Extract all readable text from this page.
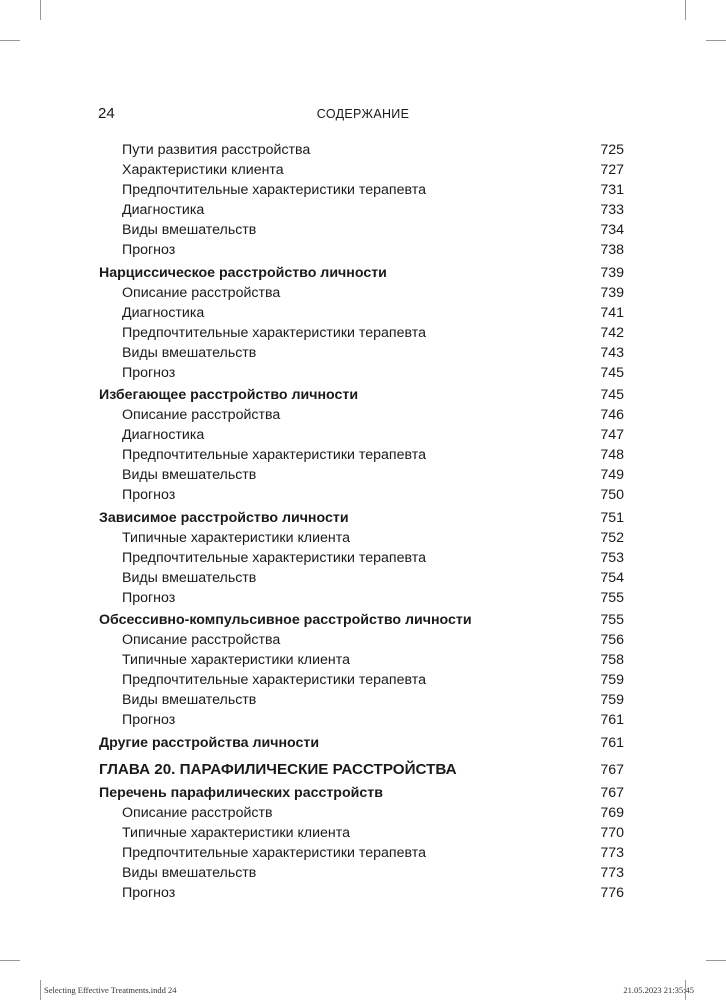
24	СОДЕРЖАНИЕ
Пути развития расстройства	725
Характеристики клиента	727
Предпочтительные характеристики терапевта	731
Диагностика	733
Виды вмешательств	734
Прогноз	738
Нарциссическое расстройство личности	739
Описание расстройства	739
Диагностика	741
Предпочтительные характеристики терапевта	742
Виды вмешательств	743
Прогноз	745
Избегающее расстройство личности	745
Описание расстройства	746
Диагностика	747
Предпочтительные характеристики терапевта	748
Виды вмешательств	749
Прогноз	750
Зависимое расстройство личности	751
Типичные характеристики клиента	752
Предпочтительные характеристики терапевта	753
Виды вмешательств	754
Прогноз	755
Обсессивно-компульсивное расстройство личности	755
Описание расстройства	756
Типичные характеристики клиента	758
Предпочтительные характеристики терапевта	759
Виды вмешательств	759
Прогноз	761
Другие расстройства личности	761
ГЛАВА 20. ПАРАФИЛИЧЕСКИЕ РАССТРОЙСТВА	767
Перечень парафилических расстройств	767
Описание расстройств	769
Типичные характеристики клиента	770
Предпочтительные характеристики терапевта	773
Виды вмешательств	773
Прогноз	776
Selecting Effective Treatments.indd 24	21.05.2023 21:35:45
